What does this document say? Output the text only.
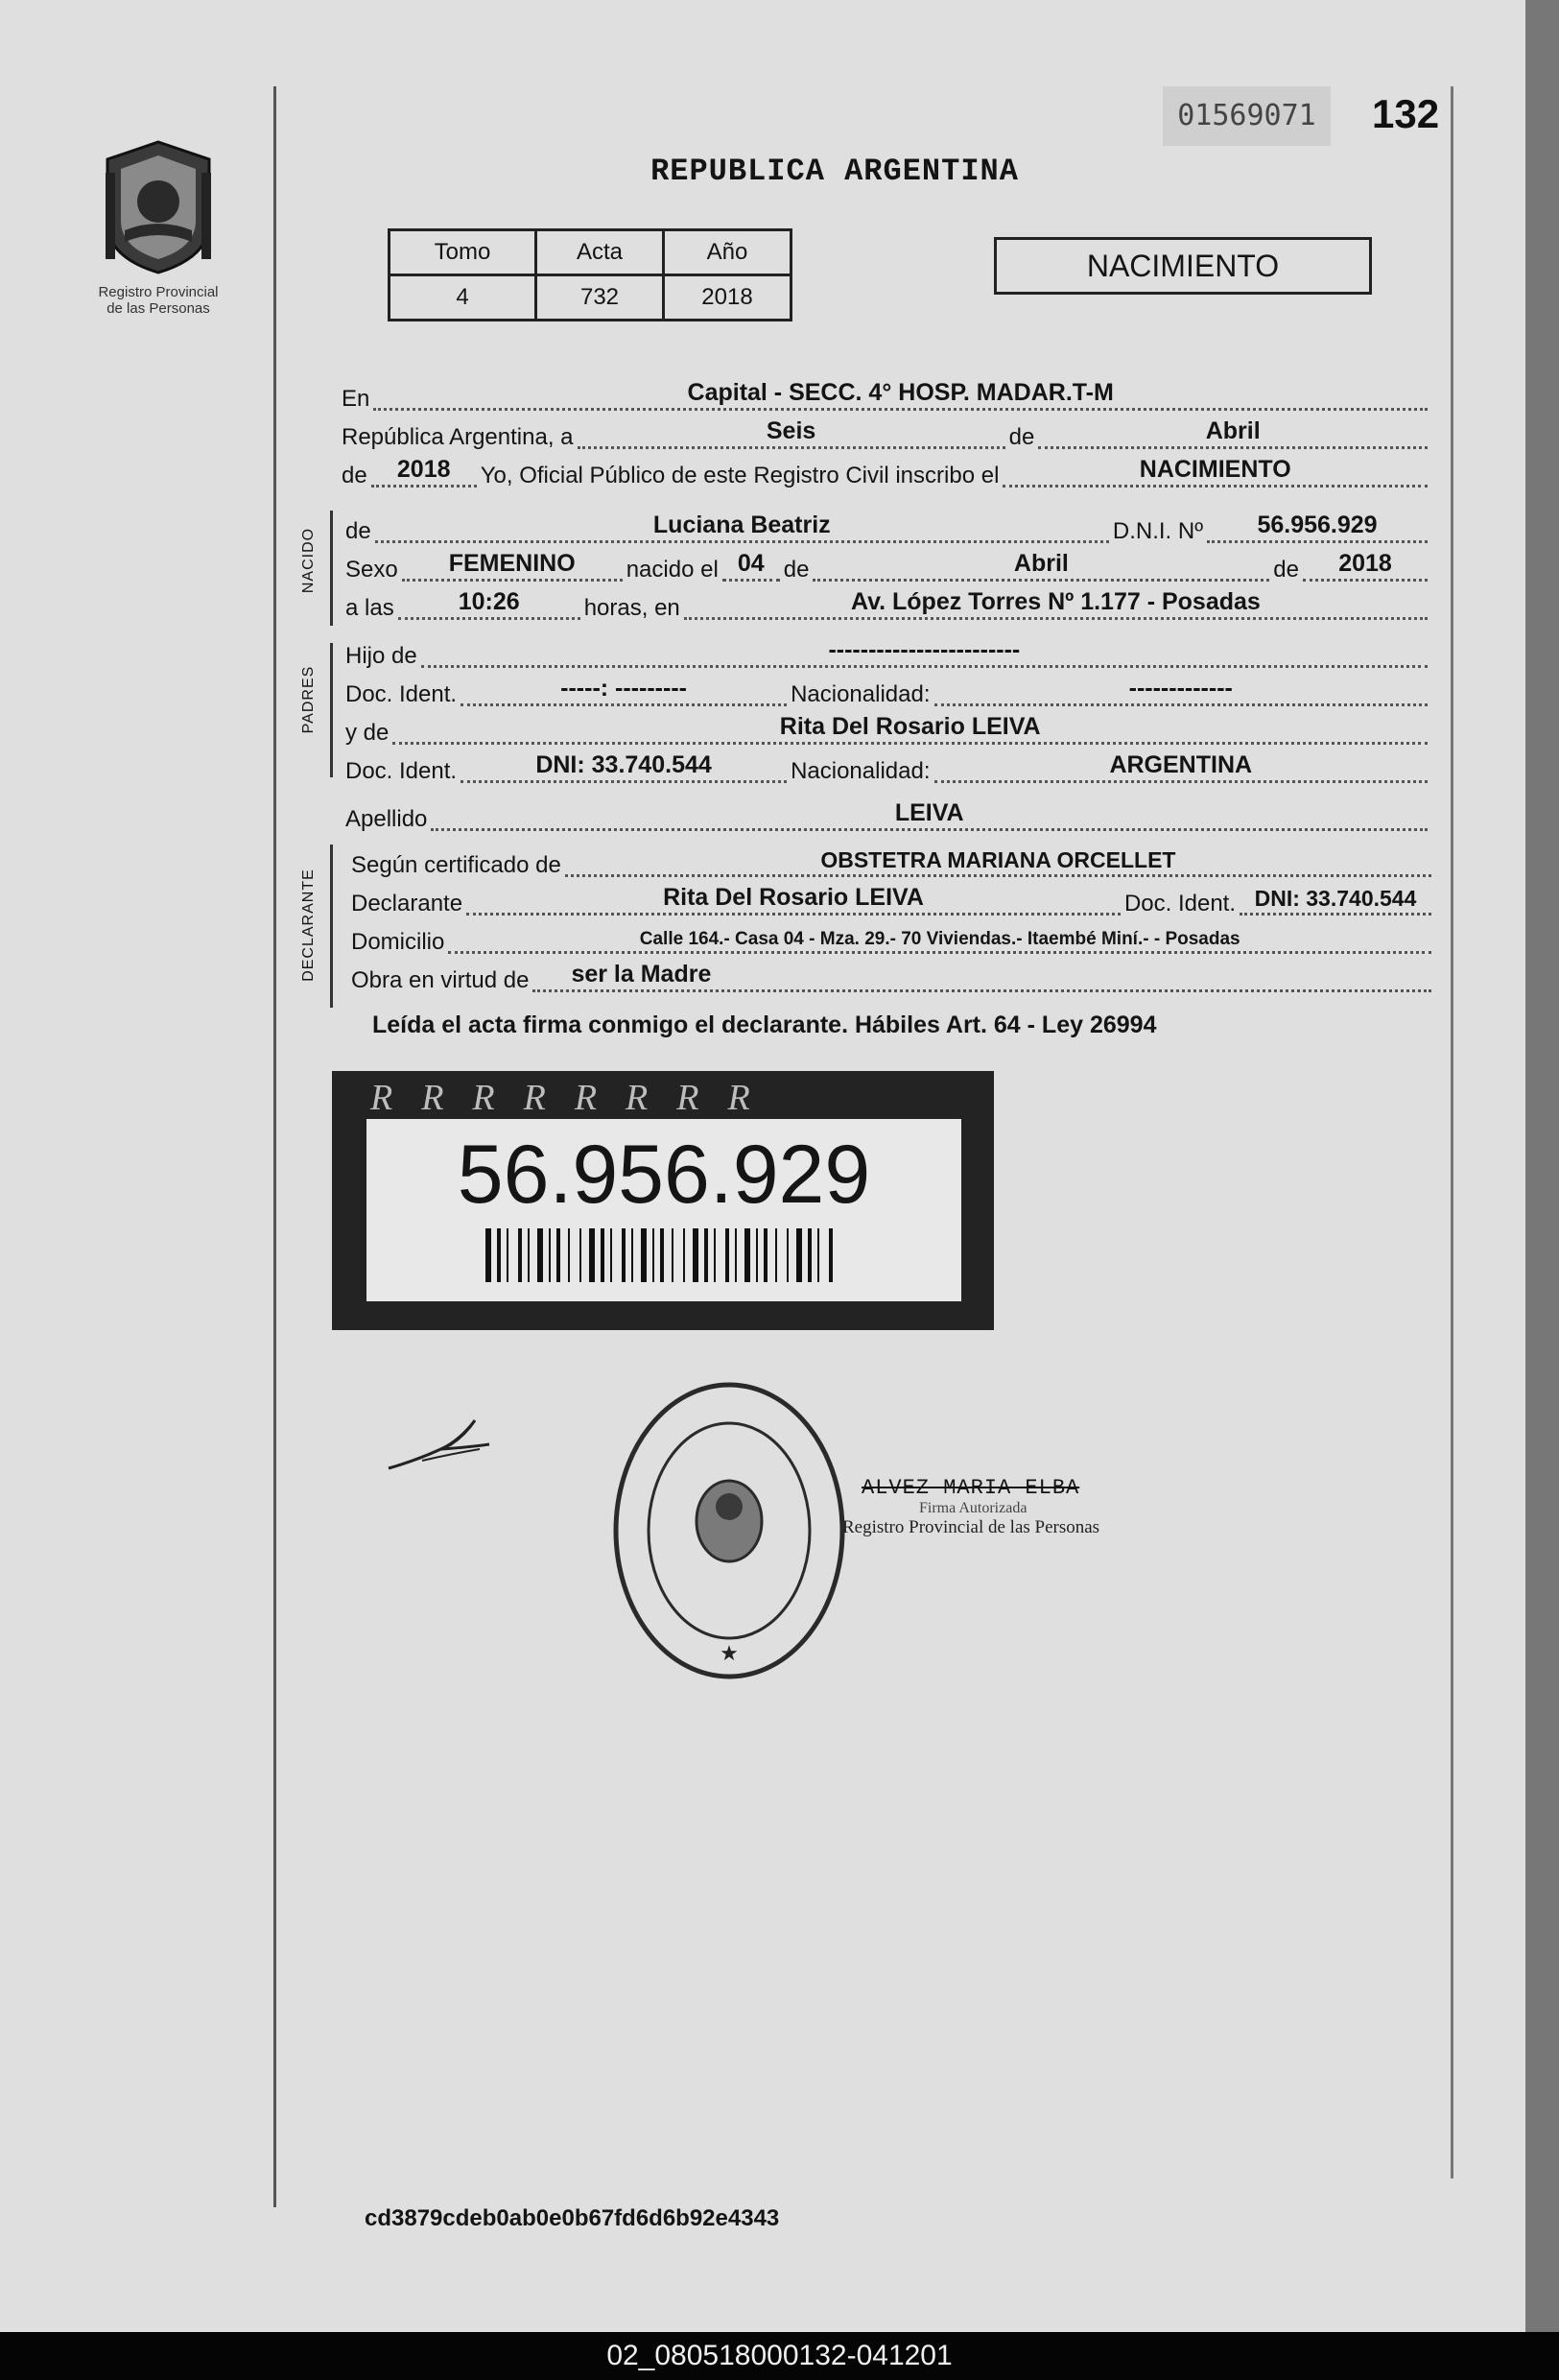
Registro Provincial
de las Personas
01569071	132
REPUBLICA ARGENTINA
Tomo	Acta	Año
4	732	2018
NACIMIENTO
En	Capital - SECC. 4° HOSP. MADAR.T-M
República Argentina, a	Seis	de	Abril
de	2018	Yo, Oficial Público de este Registro Civil inscribo el	NACIMIENTO
NACIDO de	Luciana Beatriz	D.N.I. Nº	56.956.929
Sexo	FEMENINO	nacido el 04 de	Abril	de	2018
a las	10:26	horas, en	Av. López Torres Nº 1.177 - Posadas
PADRES
Hijo de	------------------------
Doc. Ident.	-----: ---------	Nacionalidad:	-------------
y de	Rita Del Rosario LEIVA
Doc. Ident.	DNI: 33.740.544	Nacionalidad:	ARGENTINA
Apellido	LEIVA
DECLARANTE
Según certificado de	OBSTETRA MARIANA ORCELLET
Declarante	Rita Del Rosario LEIVA	Doc. Ident. DNI: 33.740.544
Domicilio	Calle 164.- Casa 04 - Mza. 29.- 70 Viviendas.- Itaembé Miní.- - Posadas
Obra en virtud de	ser la Madre
Leída el acta firma conmigo el declarante. Hábiles Art. 64 - Ley 26994
RRRRRRRR
56.956.929
★
ALVEZ MARIA ELBA
Firma Autorizada
Registro Provincial de las Personas
cd3879cdeb0ab0e0b67fd6d6b92e4343
02_080518000132-041201
